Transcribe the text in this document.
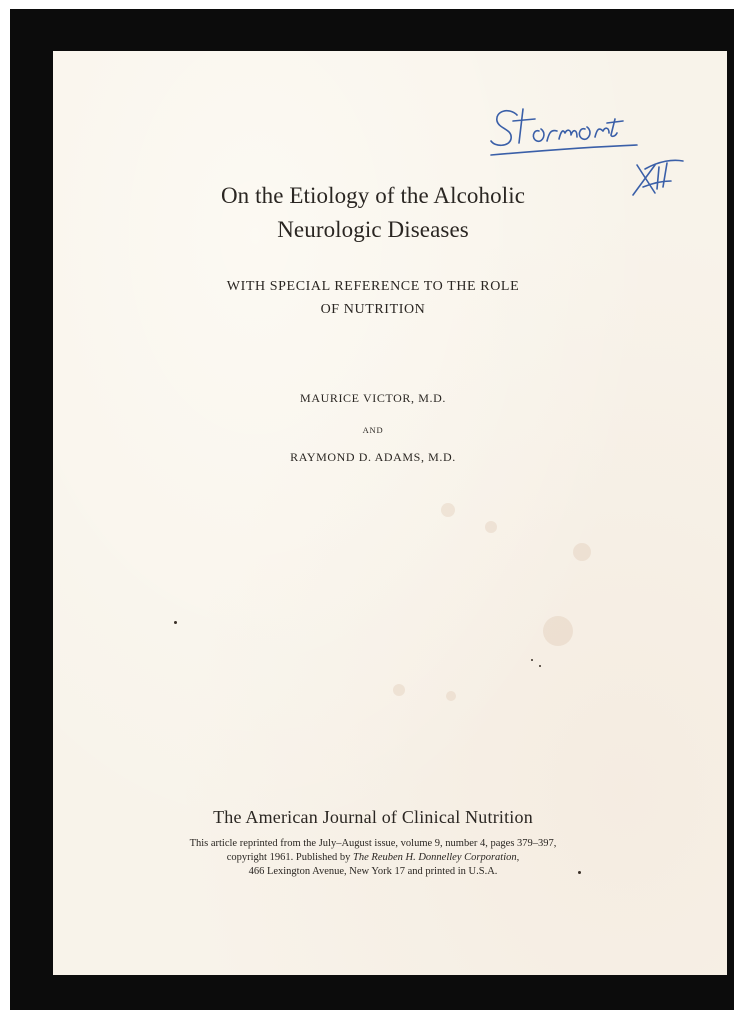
On the Etiology of the Alcoholic
Neurologic Diseases
WITH SPECIAL REFERENCE TO THE ROLE
OF NUTRITION
MAURICE VICTOR, M.D.
AND
RAYMOND D. ADAMS, M.D.
The American Journal of Clinical Nutrition
This article reprinted from the July–August issue, volume 9, number 4, pages 379–397,
copyright 1961. Published by The Reuben H. Donnelley Corporation,
466 Lexington Avenue, New York 17 and printed in U.S.A.
